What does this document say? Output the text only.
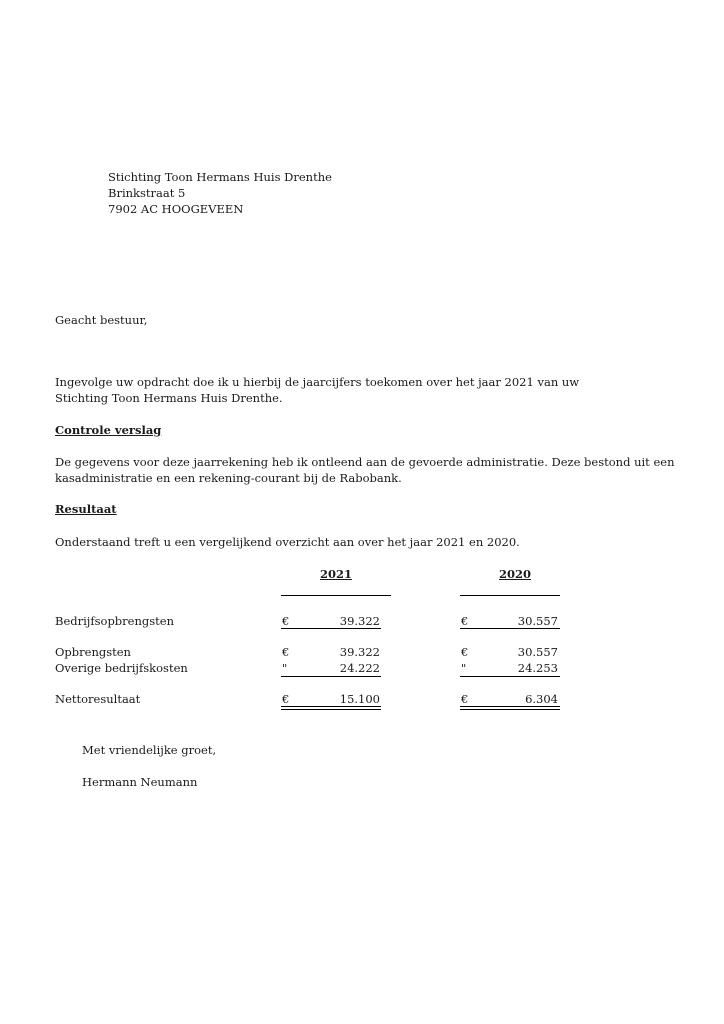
Stichting Toon Hermans Huis Drenthe
Brinkstraat 5
7902 AC HOOGEVEEN
Geacht bestuur,
Ingevolge uw opdracht doe ik u hierbij de jaarcijfers toekomen over het jaar 2021 van uw
Stichting Toon Hermans Huis Drenthe.
Controle verslag
De gegevens voor deze jaarrekening heb ik ontleend aan de gevoerde administratie. Deze bestond uit een
kasadministratie en een rekening-courant bij de Rabobank.
Resultaat
Onderstaand treft u een vergelijkend overzicht aan over het jaar 2021 en 2020.
2021	2020
Bedrijfsopbrengsten	€	39.322	€	30.557
Opbrengsten	€	39.322	€	30.557
Overige bedrijfskosten	"	24.222	"	24.253
Nettoresultaat	€	15.100	€	6.304
Met vriendelijke groet,
Hermann Neumann
